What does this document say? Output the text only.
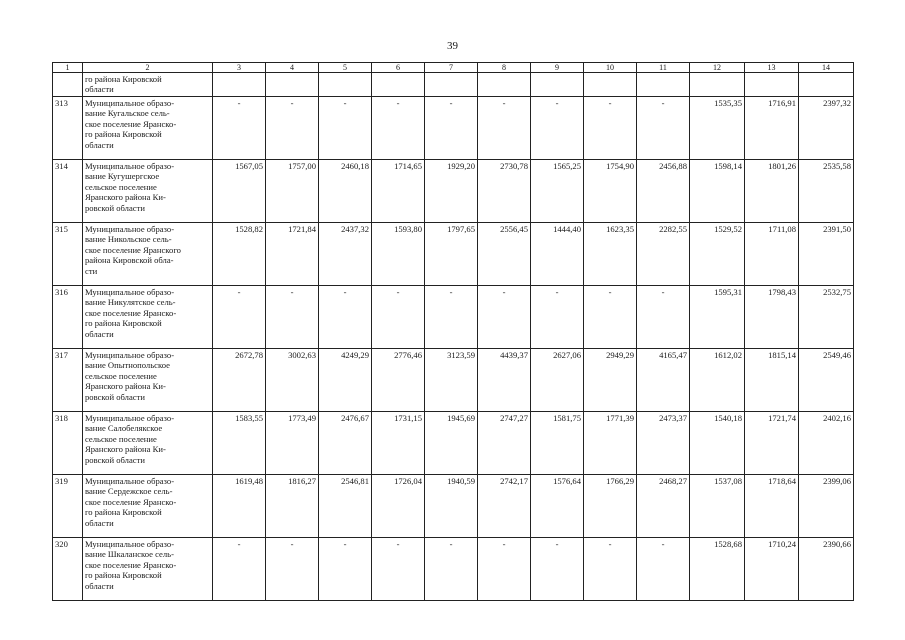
39
1	2	3	4	5	6	7	8	9	10	11	12	13	14

	го района Кировской
области												

313	Муниципальное образо-
вание Кугальское сель-
ское поселение Яранско-
го района Кировской
области	-	-	-	-	-	-	-	-	-	1535,35	1716,91	2397,32
314	Муниципальное образо-
вание Кугушергское
сельское поселение
Яранского района Ки-
ровской области	1567,05	1757,00	2460,18	1714,65	1929,20	2730,78	1565,25	1754,90	2456,88	1598,14	1801,26	2535,58
315	Муниципальное образо-
вание Никольское сель-
ское поселение Яранского
района Кировской обла-
сти	1528,82	1721,84	2437,32	1593,80	1797,65	2556,45	1444,40	1623,35	2282,55	1529,52	1711,08	2391,50
316	Муниципальное образо-
вание Никулятское сель-
ское поселение Яранско-
го района Кировской
области	-	-	-	-	-	-	-	-	-	1595,31	1798,43	2532,75
317	Муниципальное образо-
вание Опытнопольское
сельское поселение
Яранского района Ки-
ровской области	2672,78	3002,63	4249,29	2776,46	3123,59	4439,37	2627,06	2949,29	4165,47	1612,02	1815,14	2549,46
318	Муниципальное образо-
вание Салобелякское
сельское поселение
Яранского района Ки-
ровской области	1583,55	1773,49	2476,67	1731,15	1945,69	2747,27	1581,75	1771,39	2473,37	1540,18	1721,74	2402,16
319	Муниципальное образо-
вание Сердежское сель-
ское поселение Яранско-
го района Кировской
области	1619,48	1816,27	2546,81	1726,04	1940,59	2742,17	1576,64	1766,29	2468,27	1537,08	1718,64	2399,06
320	Муниципальное образо-
вание Шкаланское сель-
ское поселение Яранско-
го района Кировской
области	-	-	-	-	-	-	-	-	-	1528,68	1710,24	2390,66
